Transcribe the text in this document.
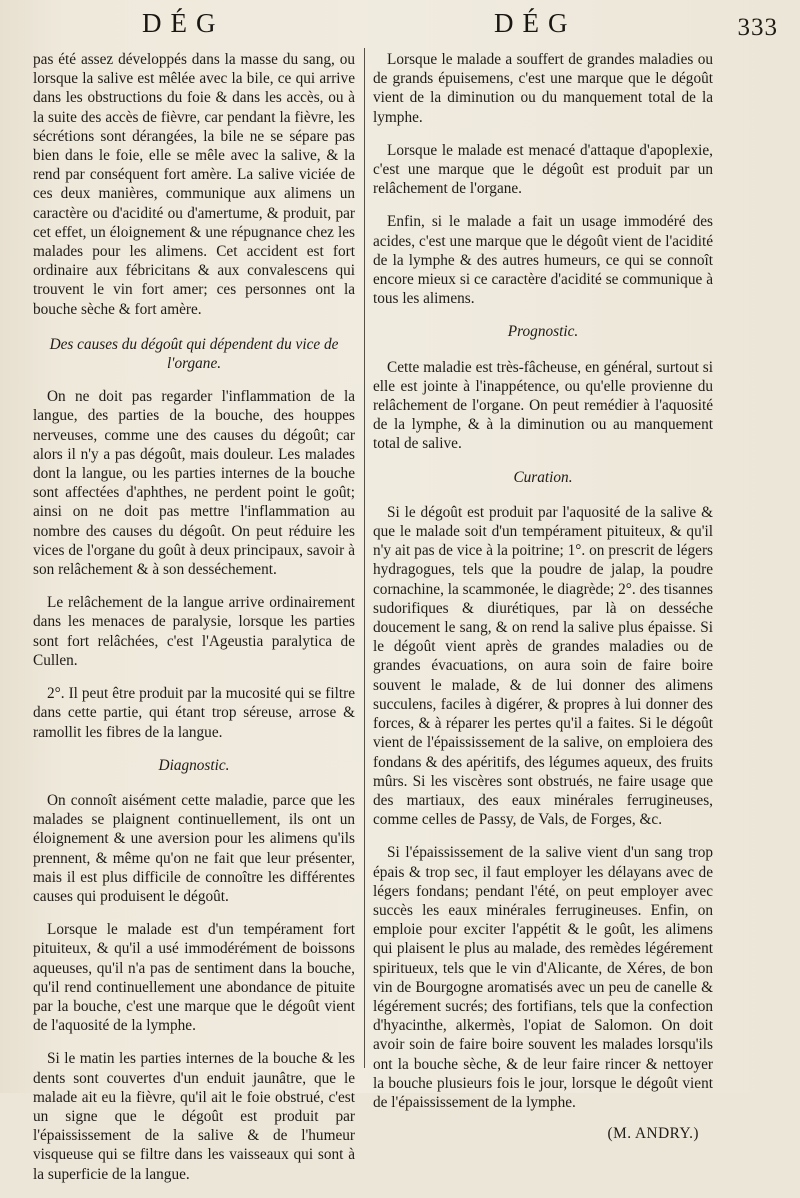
DÉG	DÉG	333

pas été assez développés dans la masse du sang, ou lorsque la salive est mêlée avec la bile, ce qui arrive dans les obstructions du foie & dans les accès, ou à la suite des accès de fièvre, car pendant la fièvre, les sécrétions sont dérangées, la bile ne se sépare pas bien dans le foie, elle se mêle avec la salive, & la rend par conséquent fort amère. La salive viciée de ces deux manières, communique aux alimens un caractère ou d'acidité ou d'amertume, & produit, par cet effet, un éloignement & une répugnance chez les malades pour les alimens. Cet accident est fort ordinaire aux fébricitans & aux convalescens qui trouvent le vin fort amer; ces personnes ont la bouche sèche & fort amère.

Des causes du dégoût qui dépendent du vice de l'organe.

On ne doit pas regarder l'inflammation de la langue, des parties de la bouche, des houppes nerveuses, comme une des causes du dégoût; car alors il n'y a pas dégoût, mais douleur. Les malades dont la langue, ou les parties internes de la bouche sont affectées d'aphthes, ne perdent point le goût; ainsi on ne doit pas mettre l'inflammation au nombre des causes du dégoût. On peut réduire les vices de l'organe du goût à deux principaux, savoir à son relâchement & à son desséchement.

Le relâchement de la langue arrive ordinairement dans les menaces de paralysie, lorsque les parties sont fort relâchées, c'est l'Ageustia paralytica de Cullen.

2°. Il peut être produit par la mucosité qui se filtre dans cette partie, qui étant trop séreuse, arrose & ramollit les fibres de la langue.

Diagnostic.

On connoît aisément cette maladie, parce que les malades se plaignent continuellement, ils ont un éloignement & une aversion pour les alimens qu'ils prennent, & même qu'on ne fait que leur présenter, mais il est plus difficile de connoître les différentes causes qui produisent le dégoût.

Lorsque le malade est d'un tempérament fort pituiteux, & qu'il a usé immodérément de boissons aqueuses, qu'il n'a pas de sentiment dans la bouche, qu'il rend continuellement une abondance de pituite par la bouche, c'est une marque que le dégoût vient de l'aquosité de la lymphe.

Si le matin les parties internes de la bouche & les dents sont couvertes d'un enduit jaunâtre, que le malade ait eu la fièvre, qu'il ait le foie obstrué, c'est un signe que le dégoût est produit par l'épaississement de la salive & de l'humeur visqueuse qui se filtre dans les vaisseaux qui sont à la superficie de la langue.

Lorsque le malade a souffert de grandes maladies ou de grands épuisemens, c'est une marque que le dégoût vient de la diminution ou du manquement total de la lymphe.

Lorsque le malade est menacé d'attaque d'apoplexie, c'est une marque que le dégoût est produit par un relâchement de l'organe.

Enfin, si le malade a fait un usage immodéré des acides, c'est une marque que le dégoût vient de l'acidité de la lymphe & des autres humeurs, ce qui se connoît encore mieux si ce caractère d'acidité se communique à tous les alimens.

Prognostic.

Cette maladie est très-fâcheuse, en général, surtout si elle est jointe à l'inappétence, ou qu'elle provienne du relâchement de l'organe. On peut remédier à l'aquosité de la lymphe, & à la diminution ou au manquement total de salive.

Curation.

Si le dégoût est produit par l'aquosité de la salive & que le malade soit d'un tempérament pituiteux, & qu'il n'y ait pas de vice à la poitrine; 1°. on prescrit de légers hydragogues, tels que la poudre de jalap, la poudre cornachine, la scammonée, le diagrède; 2°. des tisannes sudorifiques & diurétiques, par là on desséche doucement le sang, & on rend la salive plus épaisse. Si le dégoût vient après de grandes maladies ou de grandes évacuations, on aura soin de faire boire souvent le malade, & de lui donner des alimens succulens, faciles à digérer, & propres à lui donner des forces, & à réparer les pertes qu'il a faites. Si le dégoût vient de l'épaississement de la salive, on emploiera des fondans & des apéritifs, des légumes aqueux, des fruits mûrs. Si les viscères sont obstrués, ne faire usage que des martiaux, des eaux minérales ferrugineuses, comme celles de Passy, de Vals, de Forges, &c.

Si l'épaississement de la salive vient d'un sang trop épais & trop sec, il faut employer les délayans avec de légers fondans; pendant l'été, on peut employer avec succès les eaux minérales ferrugineuses. Enfin, on emploie pour exciter l'appétit & le goût, les alimens qui plaisent le plus au malade, des remèdes légérement spiritueux, tels que le vin d'Alicante, de Xéres, de bon vin de Bourgogne aromatisés avec un peu de canelle & légérement sucrés; des fortifians, tels que la confection d'hyacinthe, alkermès, l'opiat de Salomon. On doit avoir soin de faire boire souvent les malades lorsqu'ils ont la bouche sèche, & de leur faire rincer & nettoyer la bouche plusieurs fois le jour, lorsque le dégoût vient de l'épaississement de la lymphe.

(M. ANDRY.)
